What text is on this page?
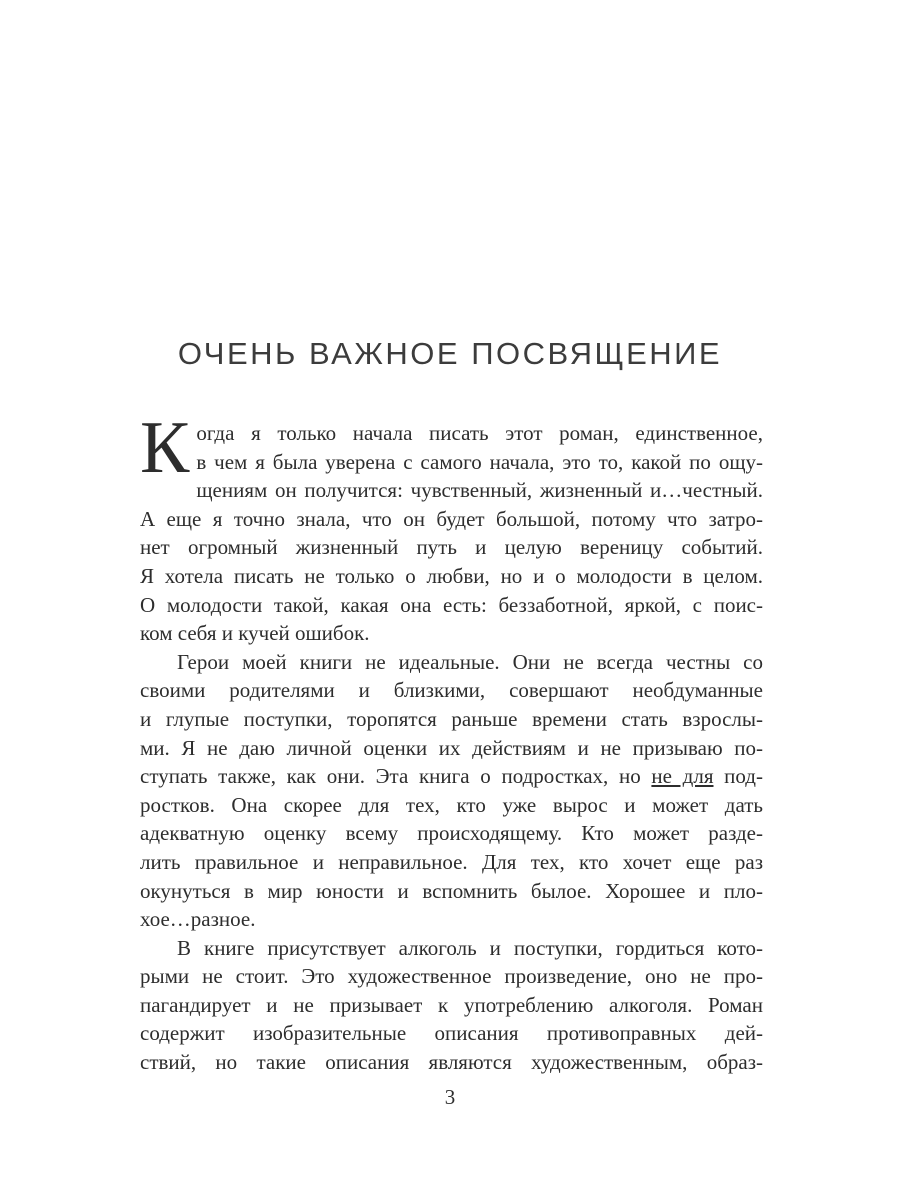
ОЧЕНЬ ВАЖНОЕ ПОСВЯЩЕНИЕ
К огда я только начала писать этот роман, единственное,
в чем я была уверена с самого начала, это то, какой по ощу-
щениям он получится: чувственный, жизненный и…честный.
А еще я точно знала, что он будет большой, потому что затро-
нет огромный жизненный путь и целую вереницу событий.
Я хотела писать не только о любви, но и о молодости в целом.
О молодости такой, какая она есть: беззаботной, яркой, с поис-
ком себя и кучей ошибок.
Герои моей книги не идеальные. Они не всегда честны со
своими родителями и близкими, совершают необдуманные
и глупые поступки, торопятся раньше времени стать взрослы-
ми. Я не даю личной оценки их действиям и не призываю по-
ступать также, как они. Эта книга о подростках, но не для под-
ростков. Она скорее для тех, кто уже вырос и может дать
адекватную оценку всему происходящему. Кто может разде-
лить правильное и неправильное. Для тех, кто хочет еще раз
окунуться в мир юности и вспомнить былое. Хорошее и пло-
хое…разное.
В книге присутствует алкоголь и поступки, гордиться кото-
рыми не стоит. Это художественное произведение, оно не про-
пагандирует и не призывает к употреблению алкоголя. Роман
содержит изобразительные описания противоправных дей-
ствий, но такие описания являются художественным, образ-
3
